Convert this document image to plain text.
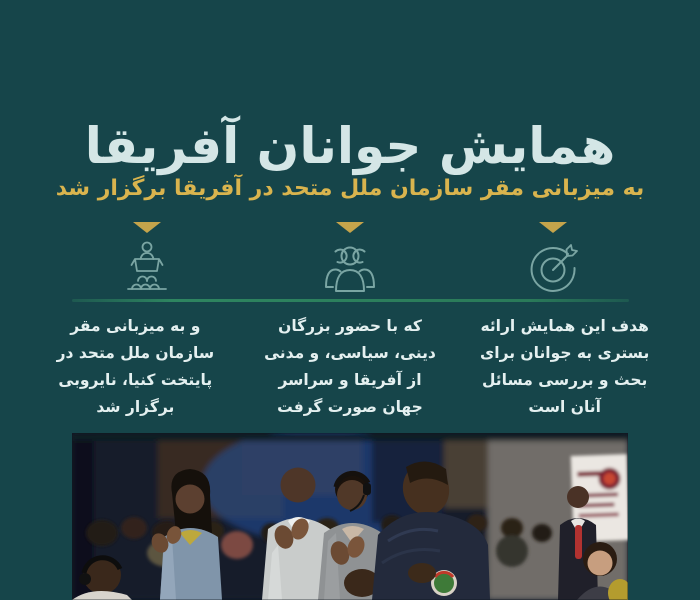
همایش جوانان آفریقا
به میزبانی مقر سازمان ملل متحد در آفریقا برگزار شد
هدف این همایش ارائه بستری به جوانان برای بحث و بررسی مسائل آنان است
که با حضور بزرگان دینی، سیاسی، و مدنی از آفریقا و سراسر جهان صورت گرفت
و به میزبانی مقر سازمان ملل متحد در پایتخت کنیا، نایروبی برگزار شد
